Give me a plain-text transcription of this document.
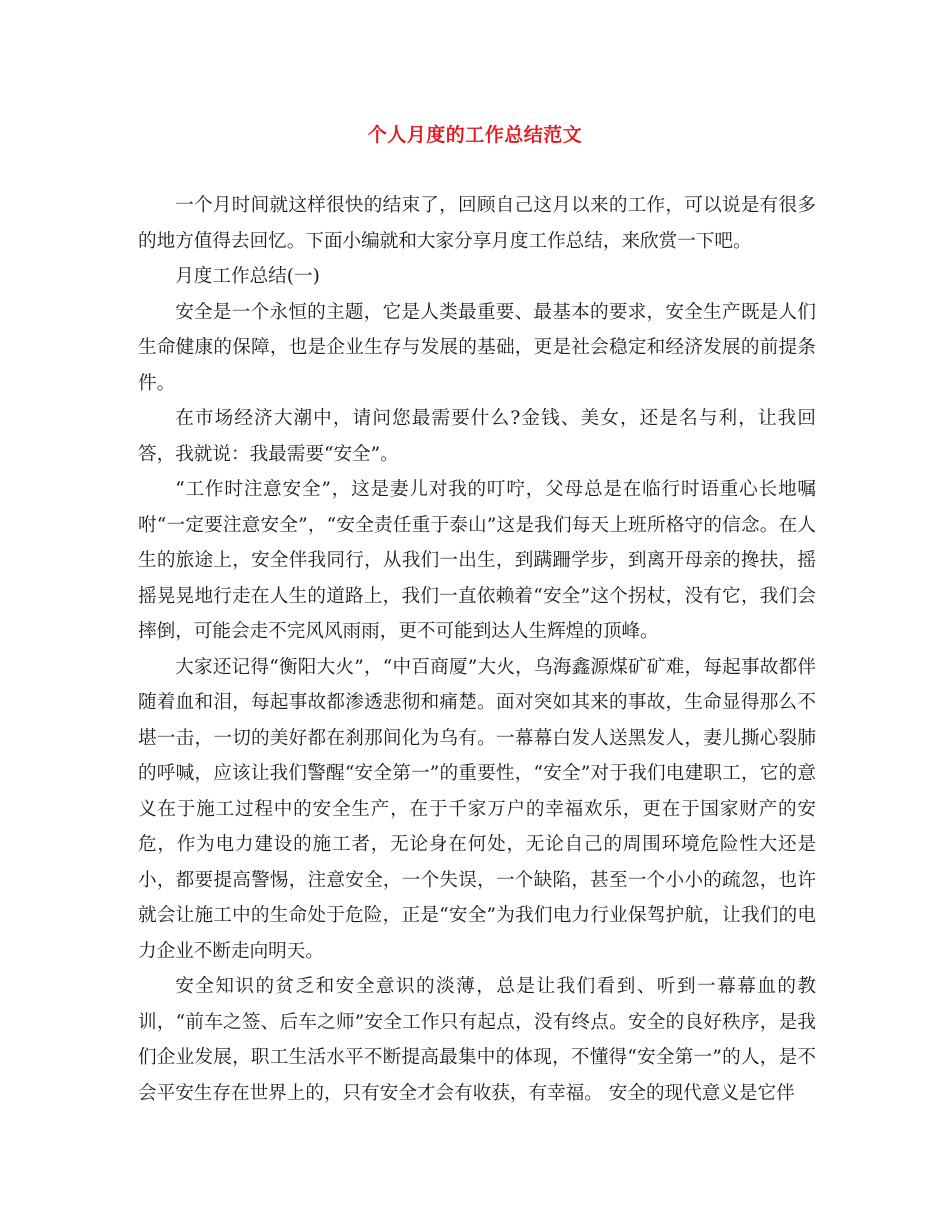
个人月度的工作总结范文

一个月时间就这样很快的结束了，回顾自己这月以来的工作，可以说是有很多的地方值得去回忆。下面小编就和大家分享月度工作总结，来欣赏一下吧。

月度工作总结(一)

安全是一个永恒的主题，它是人类最重要、最基本的要求，安全生产既是人们生命健康的保障，也是企业生存与发展的基础，更是社会稳定和经济发展的前提条件。

在市场经济大潮中，请问您最需要什么?金钱、美女，还是名与利，让我回答，我就说：我最需要“安全”。

“工作时注意安全”，这是妻儿对我的叮咛，父母总是在临行时语重心长地嘱咐“一定要注意安全”，“安全责任重于泰山”这是我们每天上班所格守的信念。在人生的旅途上，安全伴我同行，从我们一出生，到蹒跚学步，到离开母亲的搀扶，摇摇晃晃地行走在人生的道路上，我们一直依赖着“安全”这个拐杖，没有它，我们会摔倒，可能会走不完风风雨雨，更不可能到达人生辉煌的顶峰。

大家还记得“衡阳大火”，“中百商厦”大火，乌海鑫源煤矿矿难，每起事故都伴随着血和泪，每起事故都渗透悲彻和痛楚。面对突如其来的事故，生命显得那么不堪一击，一切的美好都在刹那间化为乌有。一幕幕白发人送黑发人，妻儿撕心裂肺的呼喊，应该让我们警醒“安全第一”的重要性，“安全”对于我们电建职工，它的意义在于施工过程中的安全生产，在于千家万户的幸福欢乐，更在于国家财产的安危，作为电力建设的施工者，无论身在何处，无论自己的周围环境危险性大还是小，都要提高警惕，注意安全，一个失误，一个缺陷，甚至一个小小的疏忽，也许就会让施工中的生命处于危险，正是“安全”为我们电力行业保驾护航，让我们的电力企业不断走向明天。

安全知识的贫乏和安全意识的淡薄，总是让我们看到、听到一幕幕血的教训，“前车之签、后车之师”安全工作只有起点，没有终点。安全的良好秩序，是我们企业发展，职工生活水平不断提高最集中的体现，不懂得“安全第一”的人，是不会平安生存在世界上的，只有安全才会有收获，有幸福。 安全的现代意义是它伴
